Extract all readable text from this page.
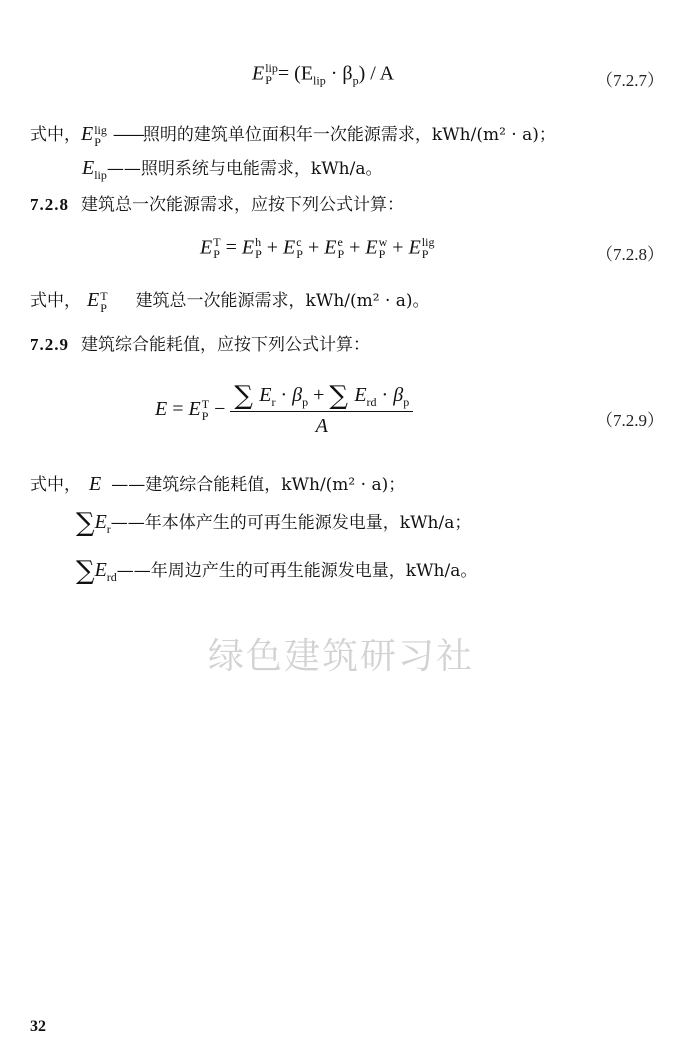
E lip
$P = (E_{lip} \cdot \beta_p) / A$	（7.2.7）
式中，E lig
P ——照明的建筑单位面积年一次能源需求，kWh/(m² · a)；
$E_{lip}——$照明系统与电能需求，kWh/a。
7.2.8 建筑总一次能源需求，应按下列公式计算：
E T
P = E h
P + E c
P + E e
P + E w
P + E lig
P	（7.2.8）
式中， E T
P 建筑总一次能源需求，kWh/(m² · a)。
7.2.9 建筑综合能耗值，应按下列公式计算：
E = E T
$P - \frac{\sum E_r \cdot \beta_p + \sum E_{rd} \cdot \beta_p}{A}$	（7.2.9）
式中， E ——建筑综合能耗值，kWh/(m² · a)；
$\sum E_r——$年本体产生的可再生能源发电量，kWh/a；
$\sum E_{rd}——$年周边产生的可再生能源发电量，kWh/a。
绿色建筑研习社
32
